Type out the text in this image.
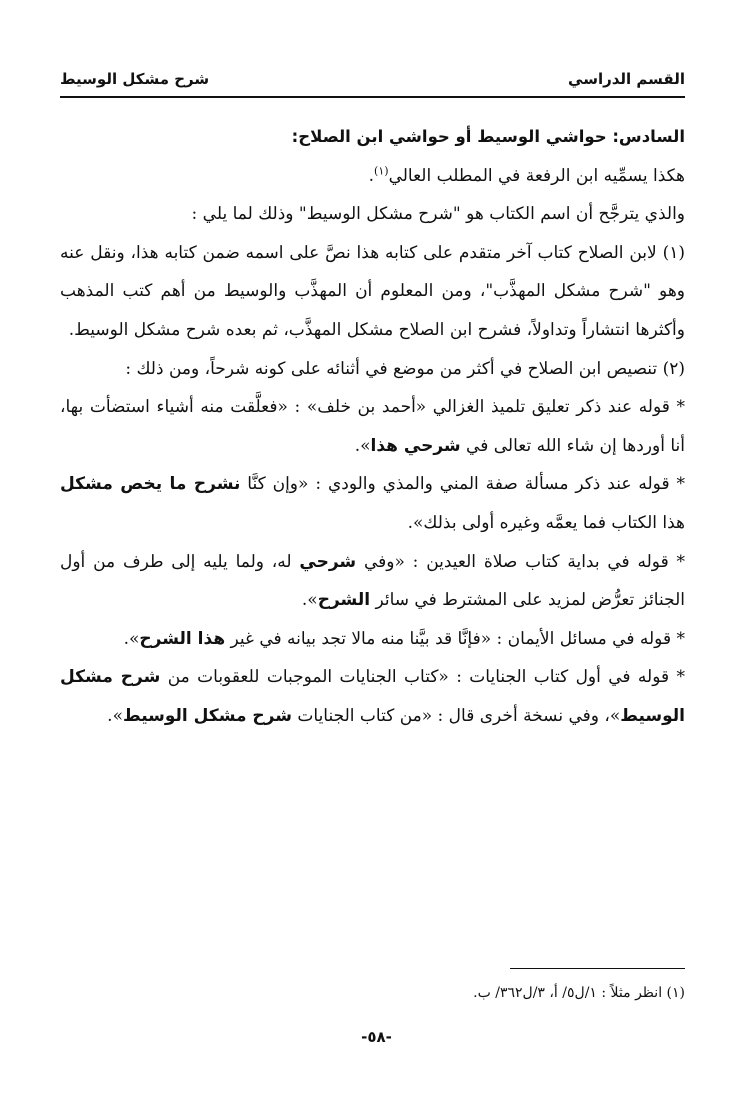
القسم الدراسي
شرح مشكل الوسيط

السادس: حواشي الوسيط أو حواشي ابن الصلاح:

هكذا يسمِّيه ابن الرفعة في المطلب العالي$^{(١)}$.

والذي يترجَّح أن اسم الكتاب هو "شرح مشكل الوسيط" وذلك لما يلي :

(١) لابن الصلاح كتاب آخر متقدم على كتابه هذا نصَّ على اسمه ضمن كتابه هذا، ونقل عنه وهو "شرح مشكل المهذَّب"، ومن المعلوم أن المهذَّب والوسيط من أهم كتب المذهب وأكثرها انتشاراً وتداولاً، فشرح ابن الصلاح مشكل المهذَّب، ثم بعده شرح مشكل الوسيط.

(٢) تنصيص ابن الصلاح في أكثر من موضع في أثنائه على كونه شرحاً، ومن ذلك :

* قوله عند ذكر تعليق تلميذ الغزالي «أحمد بن خلف» : «فعلَّقت منه أشياء استضأت بها، أنا أوردها إن شاء الله تعالى في شرحي هذا».

* قوله عند ذكر مسألة صفة المني والمذي والودي : «وإن كنَّا نشرح ما يخص مشكل هذا الكتاب فما يعمَّه وغيره أولى بذلك».

* قوله في بداية كتاب صلاة العيدين : «وفي شرحي له، ولما يليه إلى طرف من أول الجنائز تعرُّض لمزيد على المشترط في سائر الشرح».

* قوله في مسائل الأيمان : «فإنَّا قد بيَّنا منه مالا تجد بيانه في غير هذا الشرح».

* قوله في أول كتاب الجنايات : «كتاب الجنايات الموجبات للعقوبات من شرح مشكل الوسيط»، وفي نسخة أخرى قال : «من كتاب الجنايات شرح مشكل الوسيط».

(١) انظر مثلاً : ١/ل٥/ أ، ٣/ل٣٦٢/ ب.
-٥٨-
